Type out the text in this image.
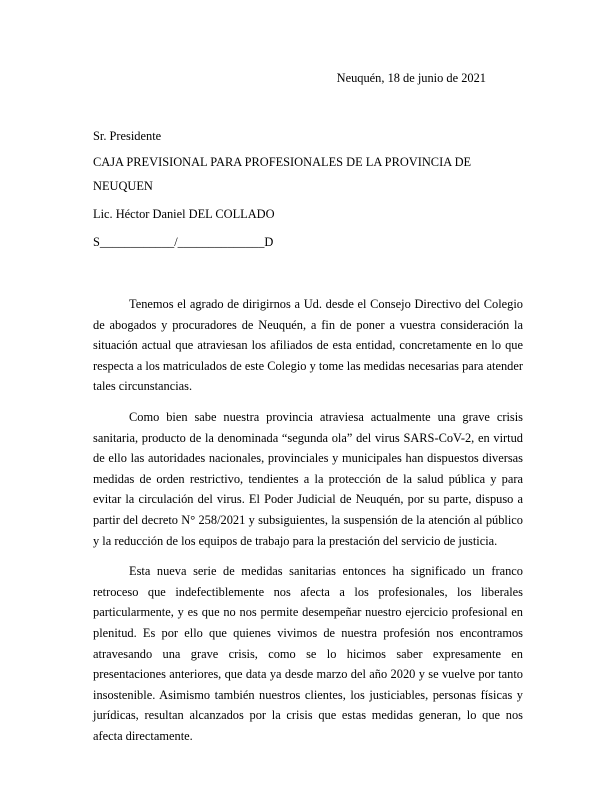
Neuquén, 18 de junio de 2021
Sr. Presidente
CAJA PREVISIONAL PARA PROFESIONALES DE LA PROVINCIA DE
NEUQUEN
Lic. Héctor Daniel DEL COLLADO
S____________/______________D

Tenemos el agrado de dirigirnos a Ud. desde el Consejo Directivo del Colegio de abogados y procuradores de Neuquén, a fin de poner a vuestra consideración la situación actual que atraviesan los afiliados de esta entidad, concretamente en lo que respecta a los matriculados de este Colegio y tome las medidas necesarias para atender tales circunstancias.

Como bien sabe nuestra provincia atraviesa actualmente una grave crisis sanitaria, producto de la denominada “segunda ola” del virus SARS-CoV-2, en virtud de ello las autoridades nacionales, provinciales y municipales han dispuestos diversas medidas de orden restrictivo, tendientes a la protección de la salud pública y para evitar la circulación del virus. El Poder Judicial de Neuquén, por su parte, dispuso a partir del decreto N° 258/2021 y subsiguientes, la suspensión de la atención al público y la reducción de los equipos de trabajo para la prestación del servicio de justicia.

Esta nueva serie de medidas sanitarias entonces ha significado un franco retroceso que indefectiblemente nos afecta a los profesionales, los liberales particularmente, y es que no nos permite desempeñar nuestro ejercicio profesional en plenitud. Es por ello que quienes vivimos de nuestra profesión nos encontramos atravesando una grave crisis, como se lo hicimos saber expresamente en presentaciones anteriores, que data ya desde marzo del año 2020 y se vuelve por tanto insostenible. Asimismo también nuestros clientes, los justiciables, personas físicas y jurídicas, resultan alcanzados por la crisis que estas medidas generan, lo que nos afecta directamente.
